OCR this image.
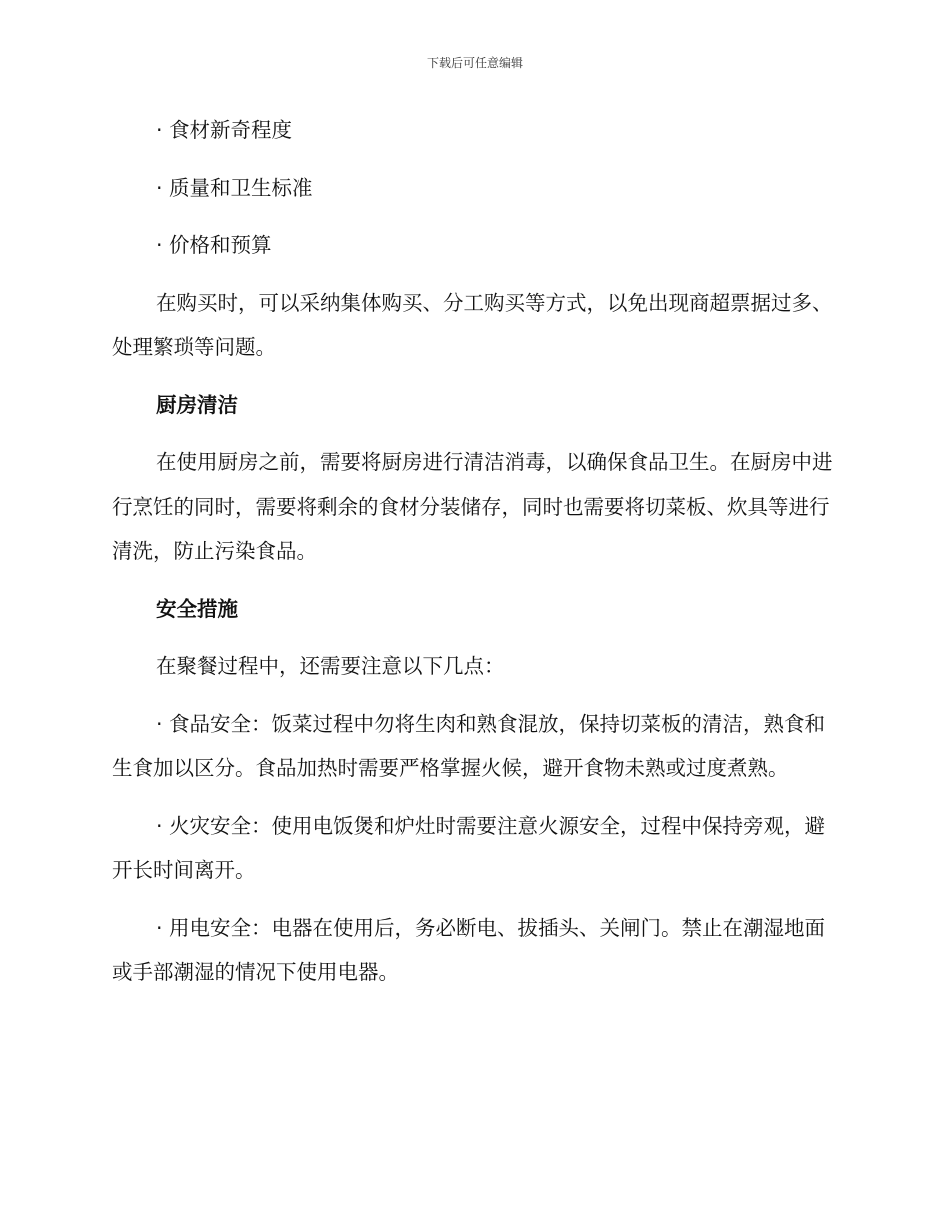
下载后可任意编辑

· 食材新奇程度

· 质量和卫生标准

· 价格和预算

在购买时，可以采纳集体购买、分工购买等方式，以免出现商超票据过多、处理繁琐等问题。

厨房清洁

在使用厨房之前，需要将厨房进行清洁消毒，以确保食品卫生。在厨房中进行烹饪的同时，需要将剩余的食材分装储存，同时也需要将切菜板、炊具等进行清洗，防止污染食品。

安全措施

在聚餐过程中，还需要注意以下几点：

· 食品安全：饭菜过程中勿将生肉和熟食混放，保持切菜板的清洁，熟食和生食加以区分。食品加热时需要严格掌握火候，避开食物未熟或过度煮熟。

· 火灾安全：使用电饭煲和炉灶时需要注意火源安全，过程中保持旁观，避开长时间离开。

· 用电安全：电器在使用后，务必断电、拔插头、关闸门。禁止在潮湿地面或手部潮湿的情况下使用电器。
